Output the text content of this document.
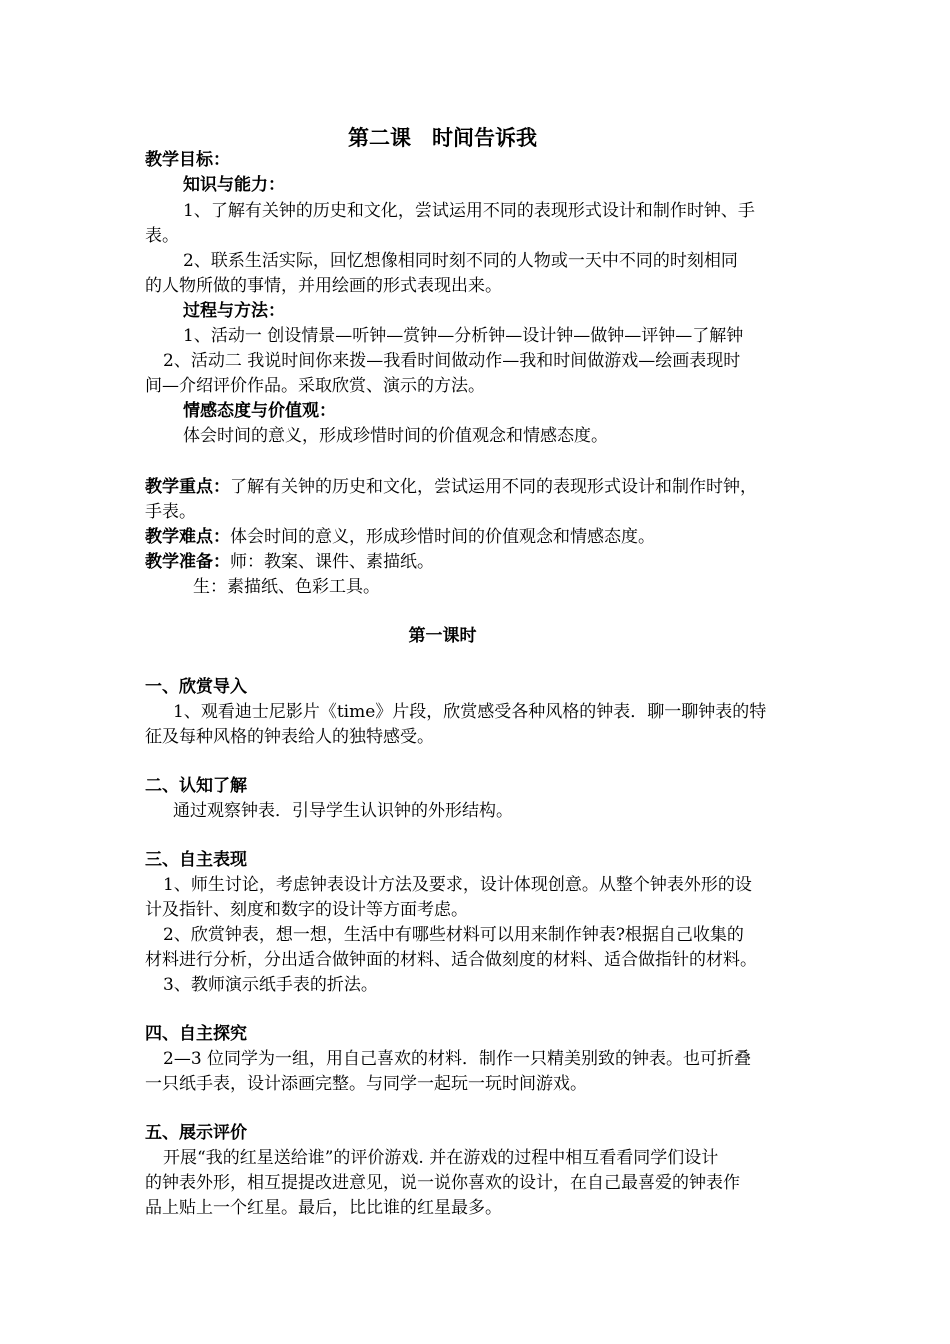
第二课　时间告诉我
教学目标：
知识与能力：
1、了解有关钟的历史和文化，尝试运用不同的表现形式设计和制作时钟、手
表。
2、联系生活实际，回忆想像相同时刻不同的人物或一天中不同的时刻相同
的人物所做的事情，并用绘画的形式表现出来。
过程与方法：
1、活动一 创设情景—听钟—赏钟—分析钟—设计钟—做钟—评钟—了解钟
2、活动二 我说时间你来拨—我看时间做动作—我和时间做游戏—绘画表现时
间—介绍评价作品。采取欣赏、演示的方法。
情感态度与价值观：
体会时间的意义，形成珍惜时间的价值观念和情感态度。
教学重点：了解有关钟的历史和文化，尝试运用不同的表现形式设计和制作时钟，
手表。
教学难点：体会时间的意义，形成珍惜时间的价值观念和情感态度。
教学准备：师：教案、课件、素描纸。
生：素描纸、色彩工具。
第一课时
一、欣赏导入
1、观看迪士尼影片《time》片段，欣赏感受各种风格的钟表．聊一聊钟表的特
征及每种风格的钟表给人的独特感受。
二、认知了解
通过观察钟表．引导学生认识钟的外形结构。
三、自主表现
1、师生讨论，考虑钟表设计方法及要求，设计体现创意。从整个钟表外形的设
计及指针、刻度和数字的设计等方面考虑。
2、欣赏钟表，想一想，生活中有哪些材料可以用来制作钟表?根据自己收集的
材料进行分析，分出适合做钟面的材料、适合做刻度的材料、适合做指针的材料。
3、教师演示纸手表的折法。
四、自主探究
2—3 位同学为一组，用自己喜欢的材料．制作一只精美别致的钟表。也可折叠
一只纸手表，设计添画完整。与同学一起玩一玩时间游戏。
五、展示评价
开展“我的红星送给谁”的评价游戏. 并在游戏的过程中相互看看同学们设计
的钟表外形，相互提提改进意见，说一说你喜欢的设计，在自己最喜爱的钟表作
品上贴上一个红星。最后，比比谁的红星最多。
